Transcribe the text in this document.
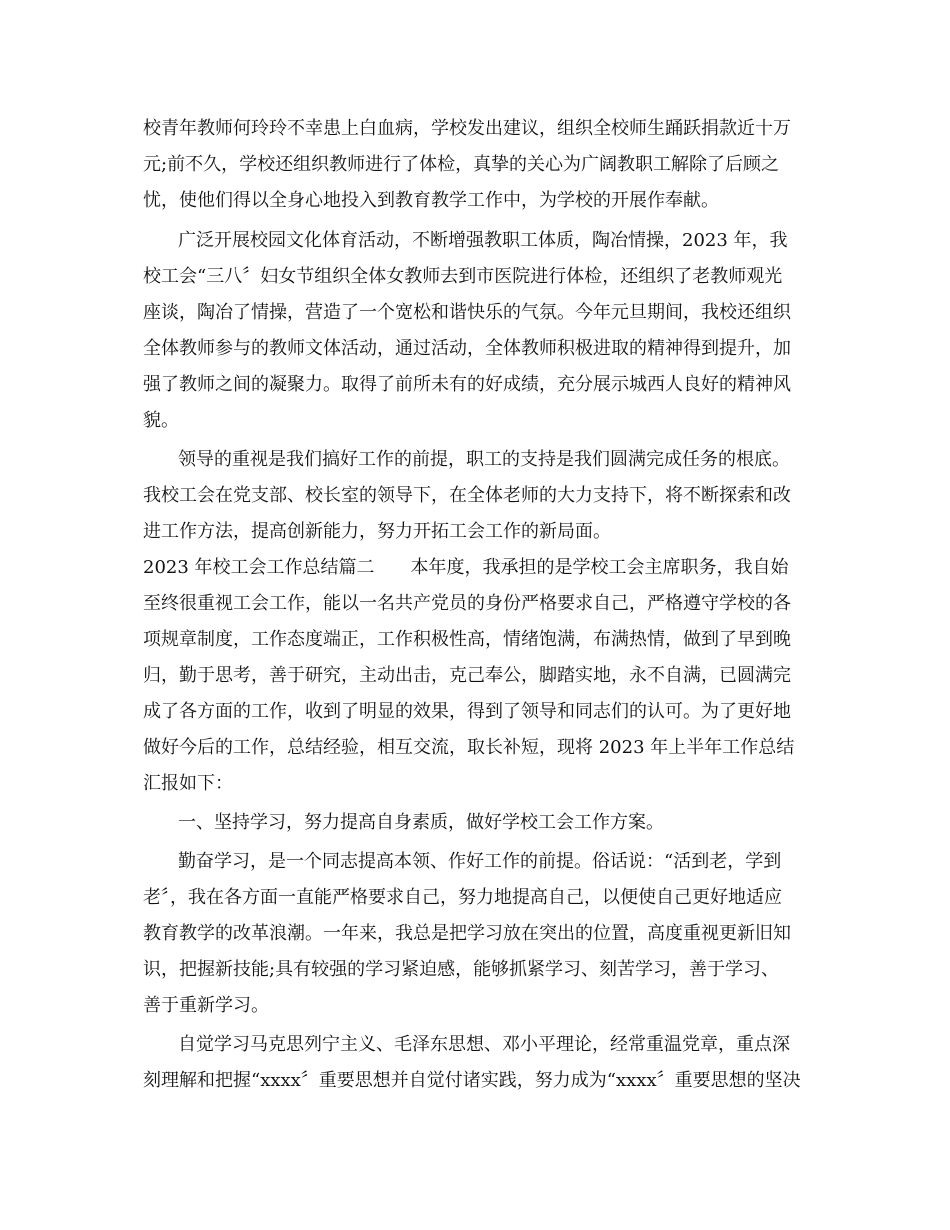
校青年教师何玲玲不幸患上白血病，学校发出建议，组织全校师生踊跃捐款近十万
元;前不久，学校还组织教师进行了体检，真挚的关心为广阔教职工解除了后顾之
忧，使他们得以全身心地投入到教育教学工作中，为学校的开展作奉献。
广泛开展校园文化体育活动，不断增强教职工体质，陶冶情操，2023 年，我
校工会“三八〞妇女节组织全体女教师去到市医院进行体检，还组织了老教师观光
座谈，陶冶了情操，营造了一个宽松和谐快乐的气氛。今年元旦期间，我校还组织
全体教师参与的教师文体活动，通过活动，全体教师积极进取的精神得到提升，加
强了教师之间的凝聚力。取得了前所未有的好成绩，充分展示城西人良好的精神风
貌。
领导的重视是我们搞好工作的前提，职工的支持是我们圆满完成任务的根底。
我校工会在党支部、校长室的领导下，在全体老师的大力支持下，将不断探索和改
进工作方法，提高创新能力，努力开拓工会工作的新局面。
2023 年校工会工作总结篇二　　本年度，我承担的是学校工会主席职务，我自始
至终很重视工会工作，能以一名共产党员的身份严格要求自己，严格遵守学校的各
项规章制度，工作态度端正，工作积极性高，情绪饱满，布满热情，做到了早到晚
归，勤于思考，善于研究，主动出击，克己奉公，脚踏实地，永不自满，已圆满完
成了各方面的工作，收到了明显的效果，得到了领导和同志们的认可。为了更好地
做好今后的工作，总结经验，相互交流，取长补短，现将 2023 年上半年工作总结
汇报如下：
一、坚持学习，努力提高自身素质，做好学校工会工作方案。
勤奋学习，是一个同志提高本领、作好工作的前提。俗话说：“活到老，学到
老〞，我在各方面一直能严格要求自己，努力地提高自己，以便使自己更好地适应
教育教学的改革浪潮。一年来，我总是把学习放在突出的位置，高度重视更新旧知
识，把握新技能;具有较强的学习紧迫感，能够抓紧学习、刻苦学习，善于学习、
善于重新学习。
自觉学习马克思列宁主义、毛泽东思想、邓小平理论，经常重温党章，重点深
刻理解和把握“xxxx〞重要思想并自觉付诸实践，努力成为“xxxx〞重要思想的坚决
